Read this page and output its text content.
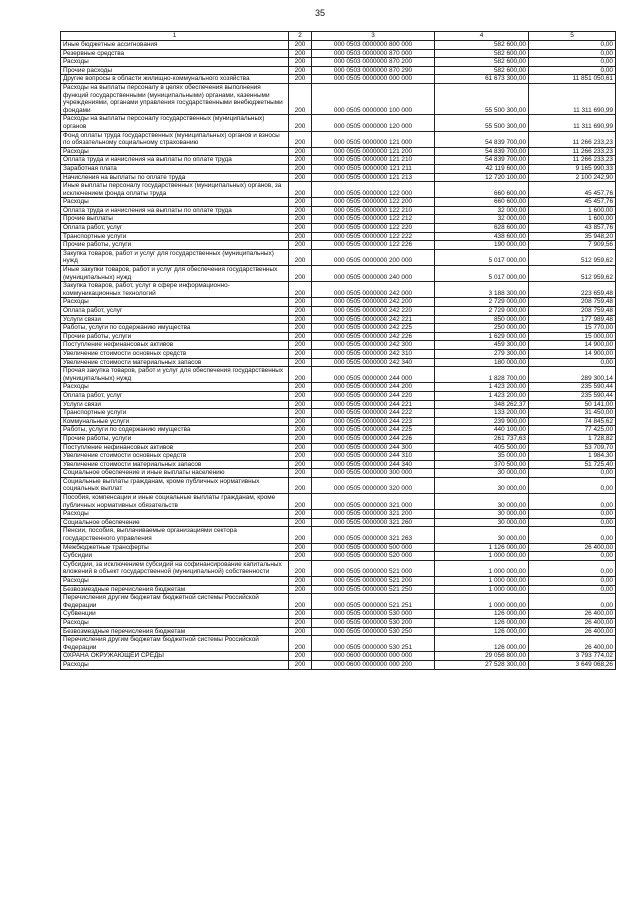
35
1	2	3	4	5
Иные бюджетные ассигнования	200	000 0503 0000000 800 000	582 600,00	0,00
Резервные средства	200	000 0503 0000000 870 000	582 600,00	0,00
Расходы	200	000 0503 0000000 870 200	582 600,00	0,00
Прочие расходы	200	000 0503 0000000 870 290	582 600,00	0,00
Другие вопросы в области жилищно-коммунального хозяйства	200	000 0505 0000000 000 000	61 673 300,00	11 851 050,61
Расходы на выплаты персоналу в целях обеспечения выполнения функций государственными (муниципальными) органами, казенными учреждениями, органами управления государственными внебюджетными фондами	200	000 0505 0000000 100 000	55 500 300,00	11 311 690,99
Расходы на выплаты персоналу государственных (муниципальных) органов	200	000 0505 0000000 120 000	55 500 300,00	11 311 690,99
Фонд оплаты труда государственных (муниципальных) органов и взносы по обязательному социальному страхованию	200	000 0505 0000000 121 000	54 839 700,00	11 266 233,23
Расходы	200	000 0505 0000000 121 200	54 839 700,00	11 266 233,23
Оплата труда и начисления на выплаты по оплате труда	200	000 0505 0000000 121 210	54 839 700,00	11 266 233,23
Заработная плата	200	000 0505 0000000 121 211	42 119 600,00	9 165 990,33
Начисления на выплаты по оплате труда	200	000 0505 0000000 121 213	12 720 100,00	2 100 242,90
Иные выплаты персоналу государственных (муниципальных) органов, за исключением фонда оплаты труда	200	000 0505 0000000 122 000	660 600,00	45 457,76
Расходы	200	000 0505 0000000 122 200	660 600,00	45 457,76
Оплата труда и начисления на выплаты по оплате труда	200	000 0505 0000000 122 210	32 000,00	1 600,00
Прочие выплаты	200	000 0505 0000000 122 212	32 000,00	1 600,00
Оплата работ, услуг	200	000 0505 0000000 122 220	628 600,00	43 857,76
Транспортные услуги	200	000 0505 0000000 122 222	438 600,00	35 948,20
Прочие работы, услуги	200	000 0505 0000000 122 226	190 000,00	7 909,56
Закупка товаров, работ и услуг для государственных (муниципальных) нужд	200	000 0505 0000000 200 000	5 017 000,00	512 959,62
Иные закупки товаров, работ и услуг для обеспечения государственных (муниципальных) нужд	200	000 0505 0000000 240 000	5 017 000,00	512 959,62
Закупка товаров, работ, услуг в сфере информационно-коммуникационных технологий	200	000 0505 0000000 242 000	3 188 300,00	223 659,48
Расходы	200	000 0505 0000000 242 200	2 729 000,00	208 759,48
Оплата работ, услуг	200	000 0505 0000000 242 220	2 729 000,00	208 759,48
Услуги связи	200	000 0505 0000000 242 221	850 000,00	177 989,48
Работы, услуги по содержанию имущества	200	000 0505 0000000 242 225	250 000,00	15 770,00
Прочие работы, услуги	200	000 0505 0000000 242 226	1 629 000,00	15 000,00
Поступление нефинансовых активов	200	000 0505 0000000 242 300	459 300,00	14 900,00
Увеличение стоимости основных средств	200	000 0505 0000000 242 310	279 300,00	14 900,00
Увеличение стоимости материальных запасов	200	000 0505 0000000 242 340	180 000,00	0,00
Прочая закупка товаров, работ и услуг для обеспечения государственных (муниципальных) нужд	200	000 0505 0000000 244 000	1 828 700,00	289 300,14
Расходы	200	000 0505 0000000 244 200	1 423 200,00	235 590,44
Оплата работ, услуг	200	000 0505 0000000 244 220	1 423 200,00	235 590,44
Услуги связи	200	000 0505 0000000 244 221	348 262,37	50 141,00
Транспортные услуги	200	000 0505 0000000 244 222	133 200,00	31 450,00
Коммунальные услуги	200	000 0505 0000000 244 223	239 900,00	74 845,62
Работы, услуги по содержанию имущества	200	000 0505 0000000 244 225	440 100,00	77 425,00
Прочие работы, услуги	200	000 0505 0000000 244 226	261 737,63	1 728,82
Поступление нефинансовых активов	200	000 0505 0000000 244 300	405 500,00	53 709,70
Увеличение стоимости основных средств	200	000 0505 0000000 244 310	35 000,00	1 984,30
Увеличение стоимости материальных запасов	200	000 0505 0000000 244 340	370 500,00	51 725,40
Социальное обеспечение и иные выплаты населению	200	000 0505 0000000 300 000	30 000,00	0,00
Социальные выплаты гражданам, кроме публичных нормативных социальных выплат	200	000 0505 0000000 320 000	30 000,00	0,00
Пособия, компенсации и иные социальные выплаты гражданам, кроме публичных нормативных обязательств	200	000 0505 0000000 321 000	30 000,00	0,00
Расходы	200	000 0505 0000000 321 200	30 000,00	0,00
Социальное обеспечение	200	000 0505 0000000 321 260	30 000,00	0,00
Пенсии, пособия, выплачиваемые организациями сектора государственного управления	200	000 0505 0000000 321 263	30 000,00	0,00
Межбюджетные трансферты	200	000 0505 0000000 500 000	1 126 000,00	26 400,00
Субсидии	200	000 0505 0000000 520 000	1 000 000,00	0,00
Субсидии, за исключением субсидий на софинансирование капитальных вложений в объект государственной (муниципальной) собственности	200	000 0505 0000000 521 000	1 000 000,00	0,00
Расходы	200	000 0505 0000000 521 200	1 000 000,00	0,00
Безвозмездные перечисления бюджетам	200	000 0505 0000000 521 250	1 000 000,00	0,00
Перечисления другим бюджетам бюджетной системы Российской Федерации	200	000 0505 0000000 521 251	1 000 000,00	0,00
Субвенции	200	000 0505 0000000 530 000	126 000,00	26 400,00
Расходы	200	000 0505 0000000 530 200	126 000,00	26 400,00
Безвозмездные перечисления бюджетам	200	000 0505 0000000 530 250	126 000,00	26 400,00
Перечисления другим бюджетам бюджетной системы Российской Федерации	200	000 0505 0000000 530 251	126 000,00	26 400,00
ОХРАНА ОКРУЖАЮЩЕЙ СРЕДЫ	200	000 0600 0000000 000 000	29 056 800,00	3 793 774,02
Расходы	200	000 0600 0000000 000 200	27 528 300,00	3 649 068,26
